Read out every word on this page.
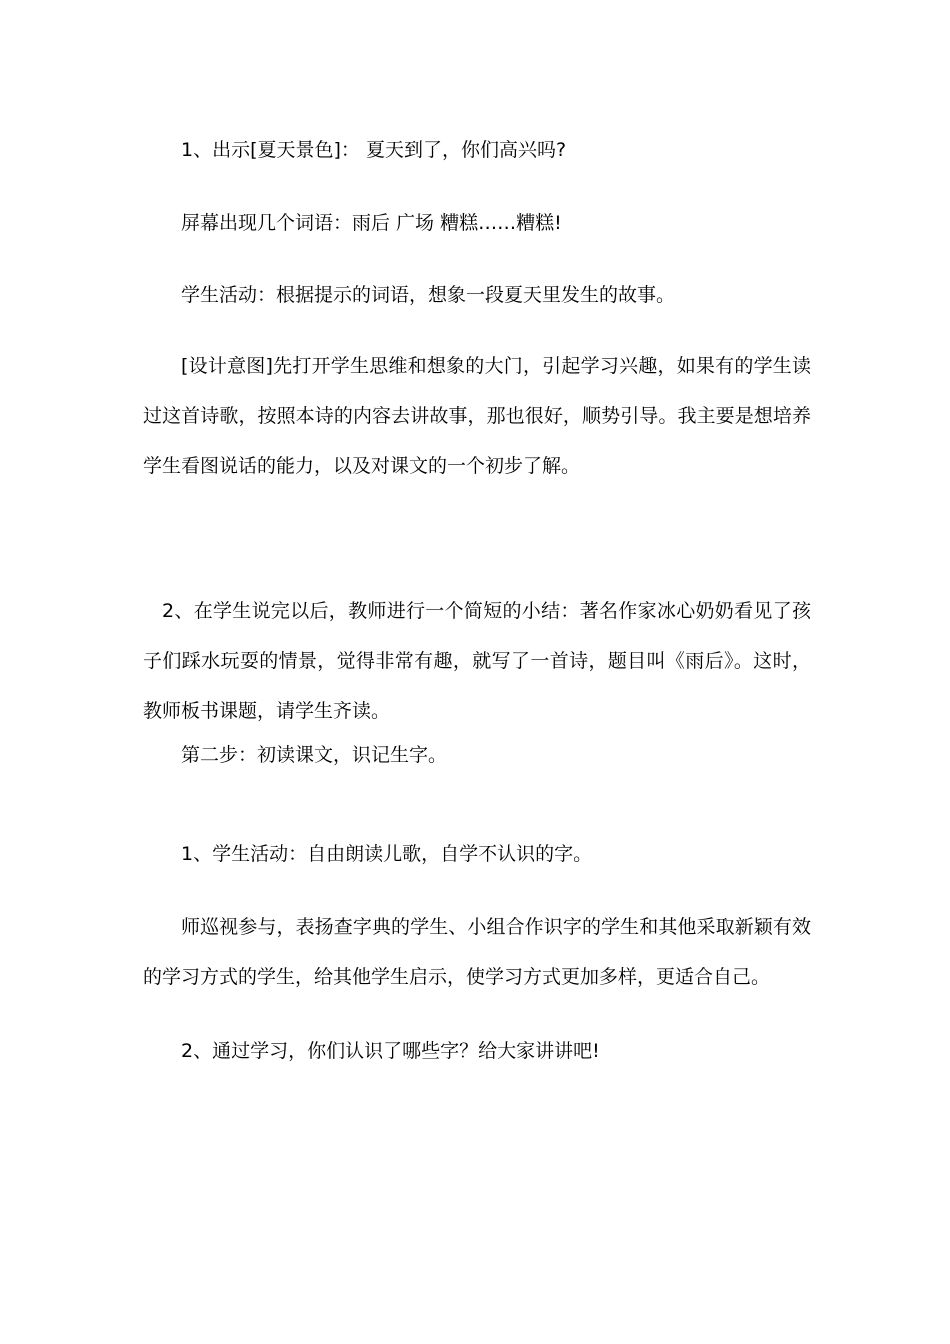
1、出示[夏天景色]： 夏天到了，你们高兴吗?

屏幕出现几个词语：雨后 广场 糟糕……糟糕!

学生活动：根据提示的词语，想象一段夏天里发生的故事。

[设计意图]先打开学生思维和想象的大门，引起学习兴趣，如果有的学生读过这首诗歌，按照本诗的内容去讲故事，那也很好，顺势引导。我主要是想培养学生看图说话的能力，以及对课文的一个初步了解。

2、在学生说完以后，教师进行一个简短的小结：著名作家冰心奶奶看见了孩子们踩水玩耍的情景，觉得非常有趣，就写了一首诗，题目叫《雨后》。这时，教师板书课题，请学生齐读。

第二步：初读课文，识记生字。

1、学生活动：自由朗读儿歌，自学不认识的字。

师巡视参与，表扬查字典的学生、小组合作识字的学生和其他采取新颖有效的学习方式的学生，给其他学生启示，使学习方式更加多样，更适合自己。

2、通过学习，你们认识了哪些字？给大家讲讲吧!
